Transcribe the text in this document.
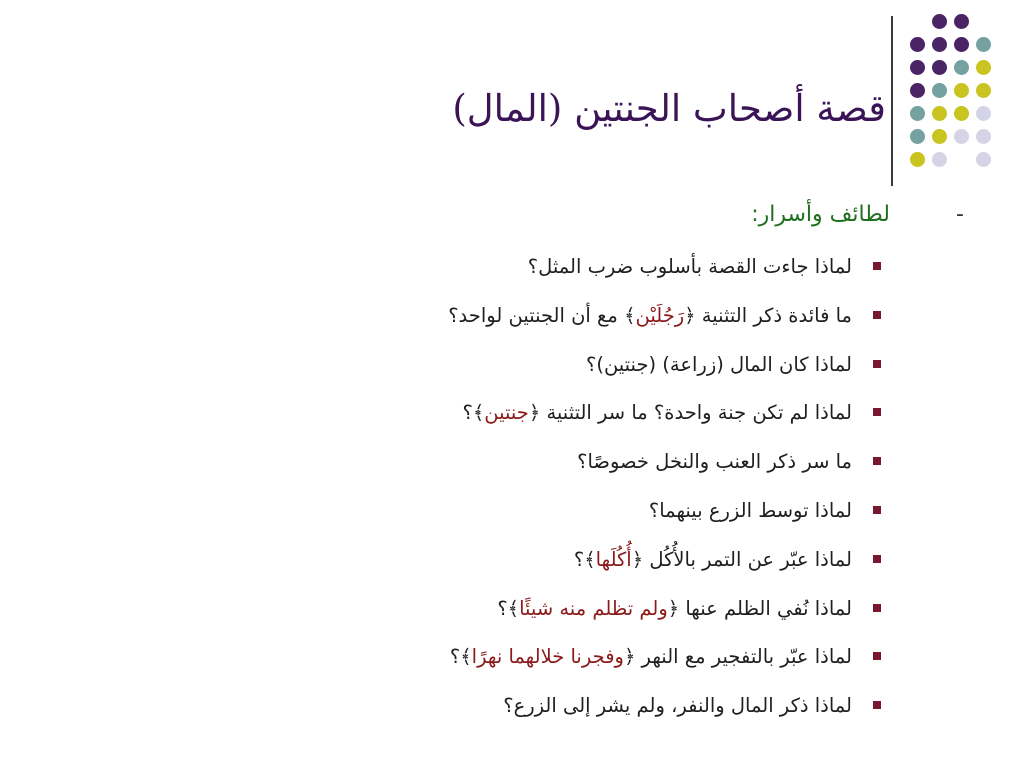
قصة أصحاب الجنتين (المال)
-لطائف وأسرار:
لماذا جاءت القصة بأسلوب ضرب المثل؟
ما فائدة ذكر التثنية ﴿رَجُلَيْن﴾ مع أن الجنتين لواحد؟
لماذا كان المال (زراعة) (جنتين)؟
لماذا لم تكن جنة واحدة؟ ما سر التثنية ﴿جنتين﴾؟
ما سر ذكر العنب والنخل خصوصًا؟
لماذا توسط الزرع بينهما؟
لماذا عبّر عن التمر بالأُكُل ﴿أُكُلَها﴾؟
لماذا نُفي الظلم عنها ﴿ولم تظلم منه شيئًا﴾؟
لماذا عبّر بالتفجير مع النهر ﴿وفجرنا خلالهما نهرًا﴾؟
لماذا ذكر المال والنفر، ولم يشر إلى الزرع؟
